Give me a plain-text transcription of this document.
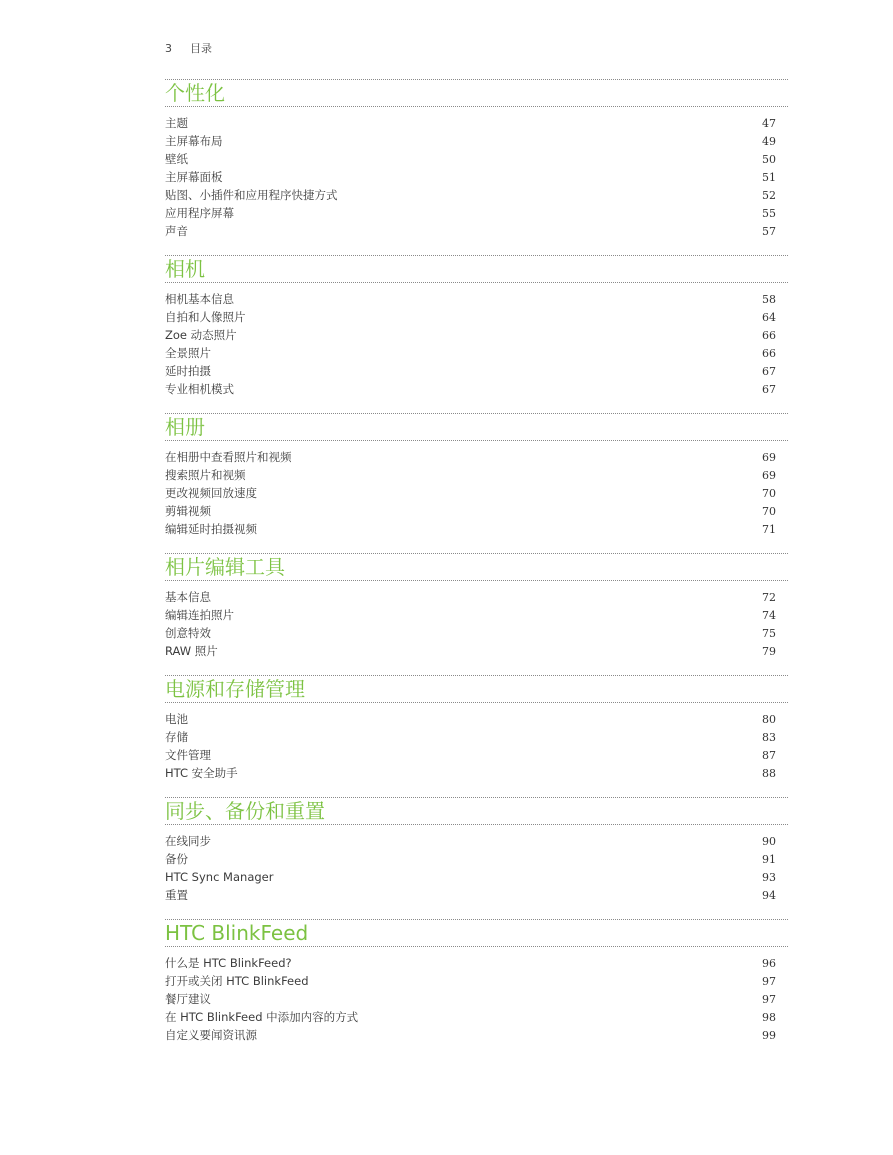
3 目录
个性化
主题	47
主屏幕布局	49
壁纸	50
主屏幕面板	51
贴图、小插件和应用程序快捷方式	52
应用程序屏幕	55
声音	57
相机
相机基本信息	58
自拍和人像照片	64
Zoe 动态照片	66
全景照片	66
延时拍摄	67
专业相机模式	67
相册
在相册中查看照片和视频	69
搜索照片和视频	69
更改视频回放速度	70
剪辑视频	70
编辑延时拍摄视频	71
相片编辑工具
基本信息	72
编辑连拍照片	74
创意特效	75
RAW 照片	79
电源和存储管理
电池	80
存储	83
文件管理	87
HTC 安全助手	88
同步、备份和重置
在线同步	90
备份	91
HTC Sync Manager	93
重置	94
HTC BlinkFeed
什么是 HTC BlinkFeed?	96
打开或关闭 HTC BlinkFeed	97
餐厅建议	97
在 HTC BlinkFeed 中添加内容的方式	98
自定义要闻资讯源	99
